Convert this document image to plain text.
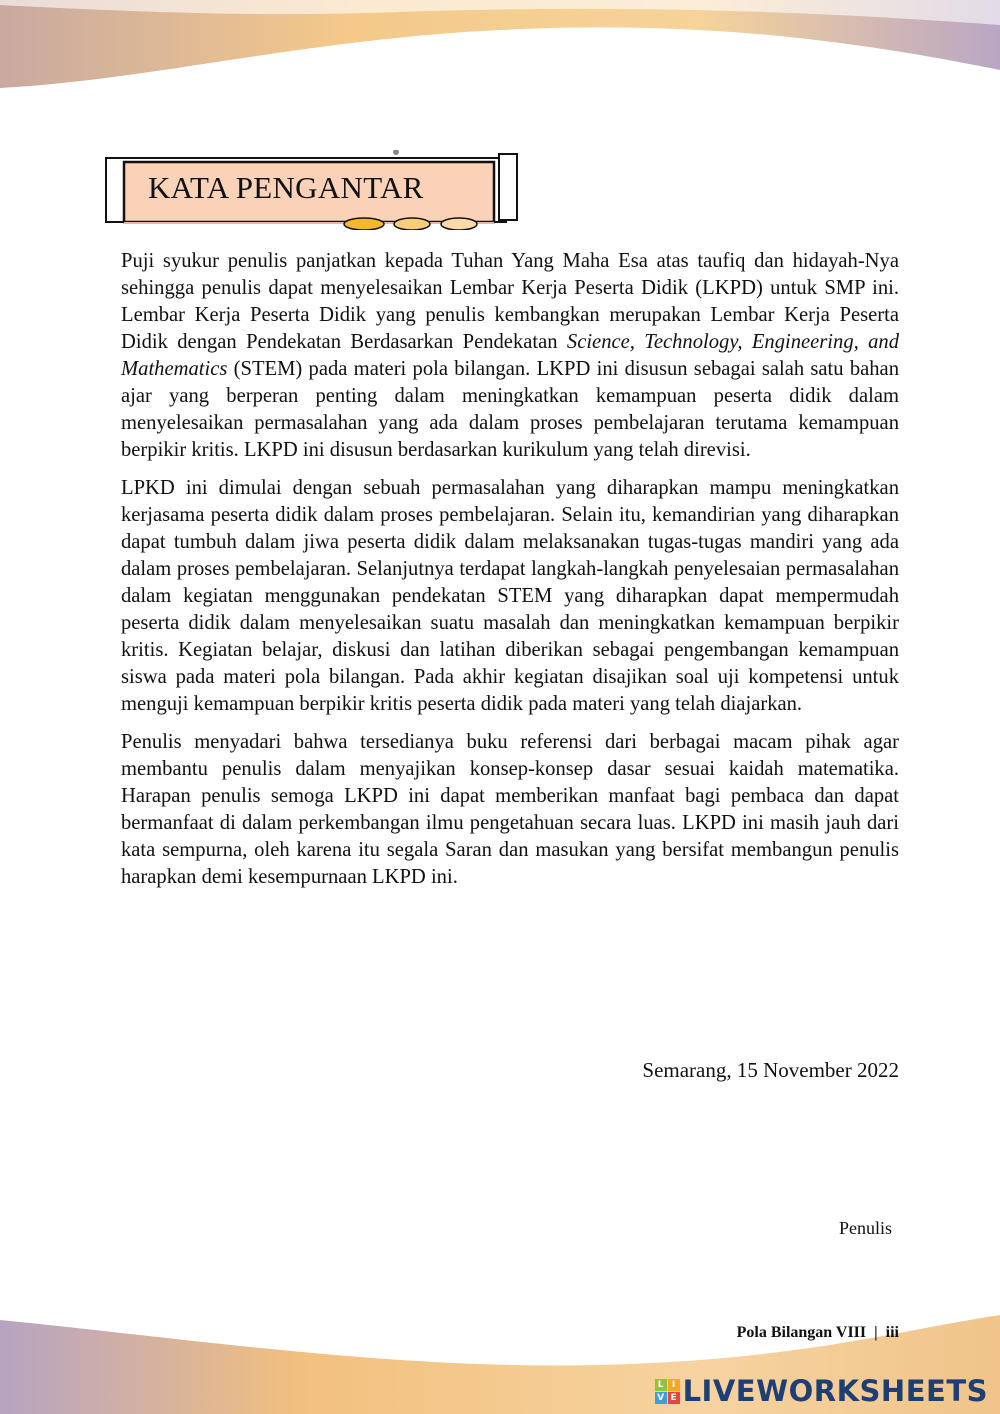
KATA PENGANTAR

Puji syukur penulis panjatkan kepada Tuhan Yang Maha Esa atas taufiq dan hidayah-Nya sehingga penulis dapat menyelesaikan Lembar Kerja Peserta Didik (LKPD) untuk SMP ini. Lembar Kerja Peserta Didik yang penulis kembangkan merupakan Lembar Kerja Peserta Didik dengan Pendekatan Berdasarkan Pendekatan Science, Technology, Engineering, and Mathematics (STEM) pada materi pola bilangan. LKPD ini disusun sebagai salah satu bahan ajar yang berperan penting dalam meningkatkan kemampuan peserta didik dalam menyelesaikan permasalahan yang ada dalam proses pembelajaran terutama kemampuan berpikir kritis. LKPD ini disusun berdasarkan kurikulum yang telah direvisi.

LPKD ini dimulai dengan sebuah permasalahan yang diharapkan mampu meningkatkan kerjasama peserta didik dalam proses pembelajaran. Selain itu, kemandirian yang diharapkan dapat tumbuh dalam jiwa peserta didik dalam melaksanakan tugas-tugas mandiri yang ada dalam proses pembelajaran. Selanjutnya terdapat langkah-langkah penyelesaian permasalahan dalam kegiatan menggunakan pendekatan STEM yang diharapkan dapat mempermudah peserta didik dalam menyelesaikan suatu masalah dan meningkatkan kemampuan berpikir kritis. Kegiatan belajar, diskusi dan latihan diberikan sebagai pengembangan kemampuan siswa pada materi pola bilangan. Pada akhir kegiatan disajikan soal uji kompetensi untuk menguji kemampuan berpikir kritis peserta didik pada materi yang telah diajarkan.

Penulis menyadari bahwa tersedianya buku referensi dari berbagai macam pihak agar membantu penulis dalam menyajikan konsep-konsep dasar sesuai kaidah matematika. Harapan penulis semoga LKPD ini dapat memberikan manfaat bagi pembaca dan dapat bermanfaat di dalam perkembangan ilmu pengetahuan secara luas. LKPD ini masih jauh dari kata sempurna, oleh karena itu segala Saran dan masukan yang bersifat membangun penulis harapkan demi kesempurnaan LKPD ini.

Semarang, 15 November 2022
Penulis
Pola Bilangan VIII  |  iii
L I
V E LIVEWORKSHEETS
